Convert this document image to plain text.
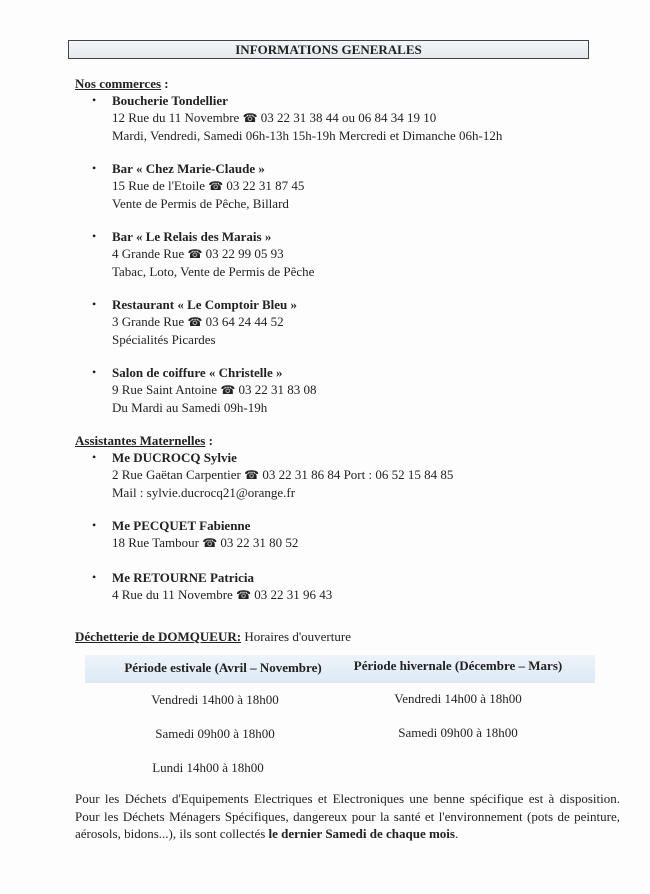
INFORMATIONS GENERALES
Nos commerces :
• Boucherie Tondellier
12 Rue du 11 Novembre ☎ 03 22 31 38 44 ou 06 84 34 19 10
Mardi, Vendredi, Samedi 06h-13h 15h-19h Mercredi et Dimanche 06h-12h
• Bar « Chez Marie-Claude »
15 Rue de l'Etoile ☎ 03 22 31 87 45
Vente de Permis de Pêche, Billard
• Bar « Le Relais des Marais »
4 Grande Rue ☎ 03 22 99 05 93
Tabac, Loto, Vente de Permis de Pêche
• Restaurant « Le Comptoir Bleu »
3 Grande Rue ☎ 03 64 24 44 52
Spécialités Picardes
• Salon de coiffure « Christelle »
9 Rue Saint Antoine ☎ 03 22 31 83 08
Du Mardi au Samedi 09h-19h
Assistantes Maternelles :
• Me DUCROCQ Sylvie
2 Rue Gaëtan Carpentier ☎ 03 22 31 86 84 Port : 06 52 15 84 85
Mail : sylvie.ducrocq21@orange.fr
• Me PECQUET Fabienne
18 Rue Tambour ☎ 03 22 31 80 52
• Me RETOURNE Patricia
4 Rue du 11 Novembre ☎ 03 22 31 96 43
Déchetterie de DOMQUEUR: Horaires d'ouverture
Période estivale (Avril – Novembre)	Période hivernale (Décembre – Mars)
Vendredi 14h00 à 18h00
Samedi 09h00 à 18h00
Lundi 14h00 à 18h00
Vendredi 14h00 à 18h00
Samedi 09h00 à 18h00
Pour les Déchets d'Equipements Electriques et Electroniques une benne spécifique est à disposition. Pour les Déchets Ménagers Spécifiques, dangereux pour la santé et l'environnement (pots de peinture, aérosols, bidons...), ils sont collectés le dernier Samedi de chaque mois.
